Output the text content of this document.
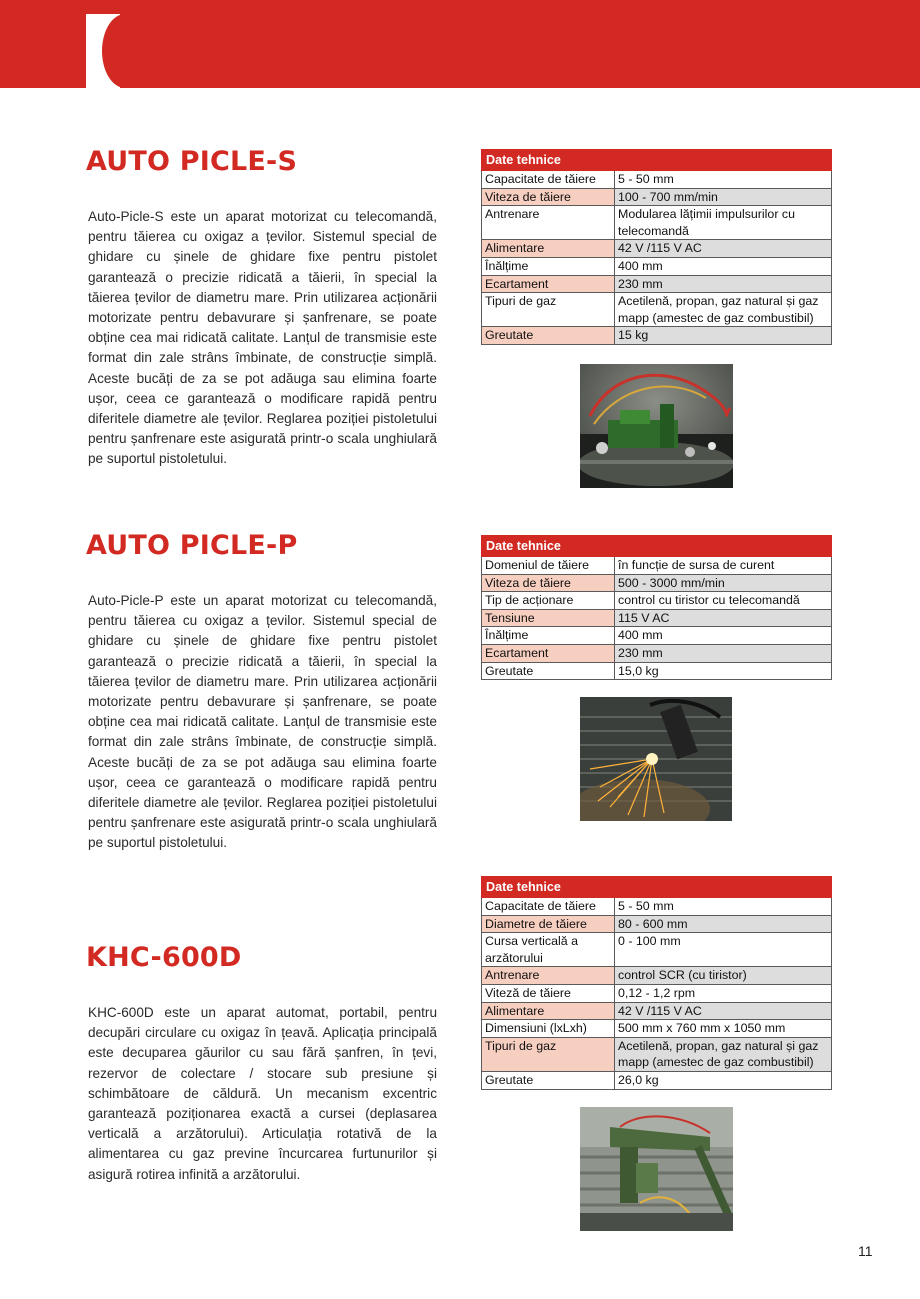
AUTO PICLE-S

Auto-Picle-S este un aparat motorizat cu telecomandă, pentru tăierea cu oxigaz a țevilor. Sistemul special de ghidare cu șinele de ghidare fixe pentru pistolet garantează o precizie ridicată a tăierii, în special la tăierea țevilor de diametru mare. Prin utilizarea acționării motorizate pentru debavurare și șanfrenare, se poate obține cea mai ridicată calitate. Lanțul de transmisie este format din zale strâns îmbinate, de construcție simplă. Aceste bucăți de za se pot adăuga sau elimina foarte ușor, ceea ce garantează o modificare rapidă pentru diferitele diametre ale țevilor. Reglarea poziției pistoletului pentru șanfrenare este asigurată printr-o scala unghiulară pe suportul pistoletului.

Date tehnice	
Capacitate de tăiere	5 - 50 mm
Viteza de tăiere	100 - 700 mm/min
Antrenare	Modularea lățimii impulsurilor cu telecomandă
Alimentare	42 V /115 V AC
Înălțime	400 mm
Ecartament	230 mm
Tipuri de gaz	Acetilenă, propan, gaz natural și gaz mapp (amestec de gaz combustibil)
Greutate	15 kg
AUTO PICLE-P

Auto-Picle-P este un aparat motorizat cu telecomandă, pentru tăierea cu oxigaz a țevilor. Sistemul special de ghidare cu șinele de ghidare fixe pentru pistolet garantează o precizie ridicată a tăierii, în special la tăierea țevilor de diametru mare. Prin utilizarea acționării motorizate pentru debavurare și șanfrenare, se poate obține cea mai ridicată calitate. Lanțul de transmisie este format din zale strâns îmbinate, de construcție simplă. Aceste bucăți de za se pot adăuga sau elimina foarte ușor, ceea ce garantează o modificare rapidă pentru diferitele diametre ale țevilor. Reglarea poziției pistoletului pentru șanfrenare este asigurată printr-o scala unghiulară pe suportul pistoletului.

Date tehnice	
Domeniul de tăiere	în funcție de sursa de curent
Viteza de tăiere	500 - 3000 mm/min
Tip de acționare	control cu tiristor cu telecomandă
Tensiune	115 V AC
Înălțime	400 mm
Ecartament	230 mm
Greutate	15,0 kg
KHC-600D

KHC-600D este un aparat automat, portabil, pentru decupări circulare cu oxigaz în țeavă. Aplicația principală este decuparea găurilor cu sau fără șanfren, în țevi, rezervor de colectare / stocare sub presiune și schimbătoare de căldură. Un mecanism excentric garantează poziționarea exactă a cursei (deplasarea verticală a arzătorului). Articulația rotativă de la alimentarea cu gaz previne încurcarea furtunurilor și asigură rotirea infinită a arzătorului.

Date tehnice	
Capacitate de tăiere	5 - 50 mm
Diametre de tăiere	80 - 600 mm
Cursa verticală a arzătorului	0 - 100 mm
Antrenare	control SCR (cu tiristor)
Viteză de tăiere	0,12 - 1,2 rpm
Alimentare	42 V /115 V AC
Dimensiuni (lxLxh)	500 mm x 760 mm x 1050 mm
Tipuri de gaz	Acetilenă, propan, gaz natural și gaz mapp (amestec de gaz combustibil)
Greutate	26,0 kg

11
